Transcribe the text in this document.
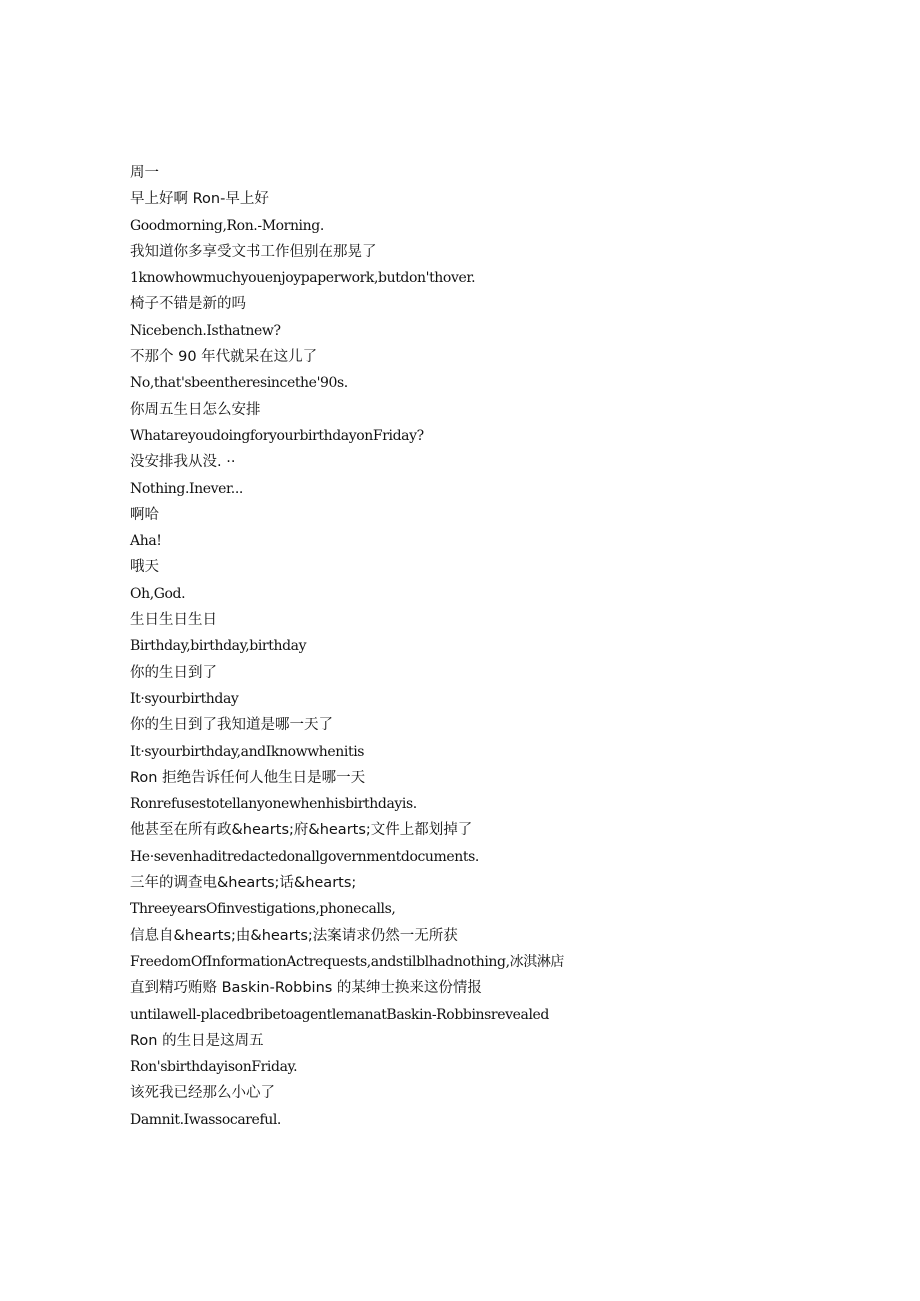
周一

早上好啊 Ron-早上好

Goodmorning,Ron.-Morning.

我知道你多享受文书工作但别在那晃了

1knowhowmuchyouenjoypaperwork,butdon'thover.

椅子不错是新的吗

Nicebench.Isthatnew?

不那个 90 年代就呆在这儿了

No,that'sbeentheresincethe'90s.

你周五生日怎么安排

WhatareyoudoingforyourbirthdayonFriday?

没安排我从没. ··

Nothing.Inever...

啊哈

Aha!

哦天

Oh,God.

生日生日生日

Birthday,birthday,birthday

你的生日到了

It·syourbirthday

你的生日到了我知道是哪一天了

It·syourbirthday,andIknowwhenitis

Ron 拒绝告诉任何人他生日是哪一天

Ronrefusestotellanyonewhenhisbirthdayis.

他甚至在所有政&hearts;府&hearts;文件上都划掉了

He·sevenhaditredactedonallgovernmentdocuments.

三年的调查电&hearts;话&hearts;

ThreeyearsOfinvestigations,phonecalls,

信息自&hearts;由&hearts;法案请求仍然一无所获

FreedomOfInformationActrequests,andstilblhadnothing,冰淇淋店

直到精巧贿赂 Baskin-Robbins 的某绅士换来这份情报

untilawell-placedbribetoagentlemanatBaskin-Robbinsrevealed

Ron 的生日是这周五

Ron'sbirthdayisonFriday.

该死我已经那么小心了

Damnit.Iwassocareful.
